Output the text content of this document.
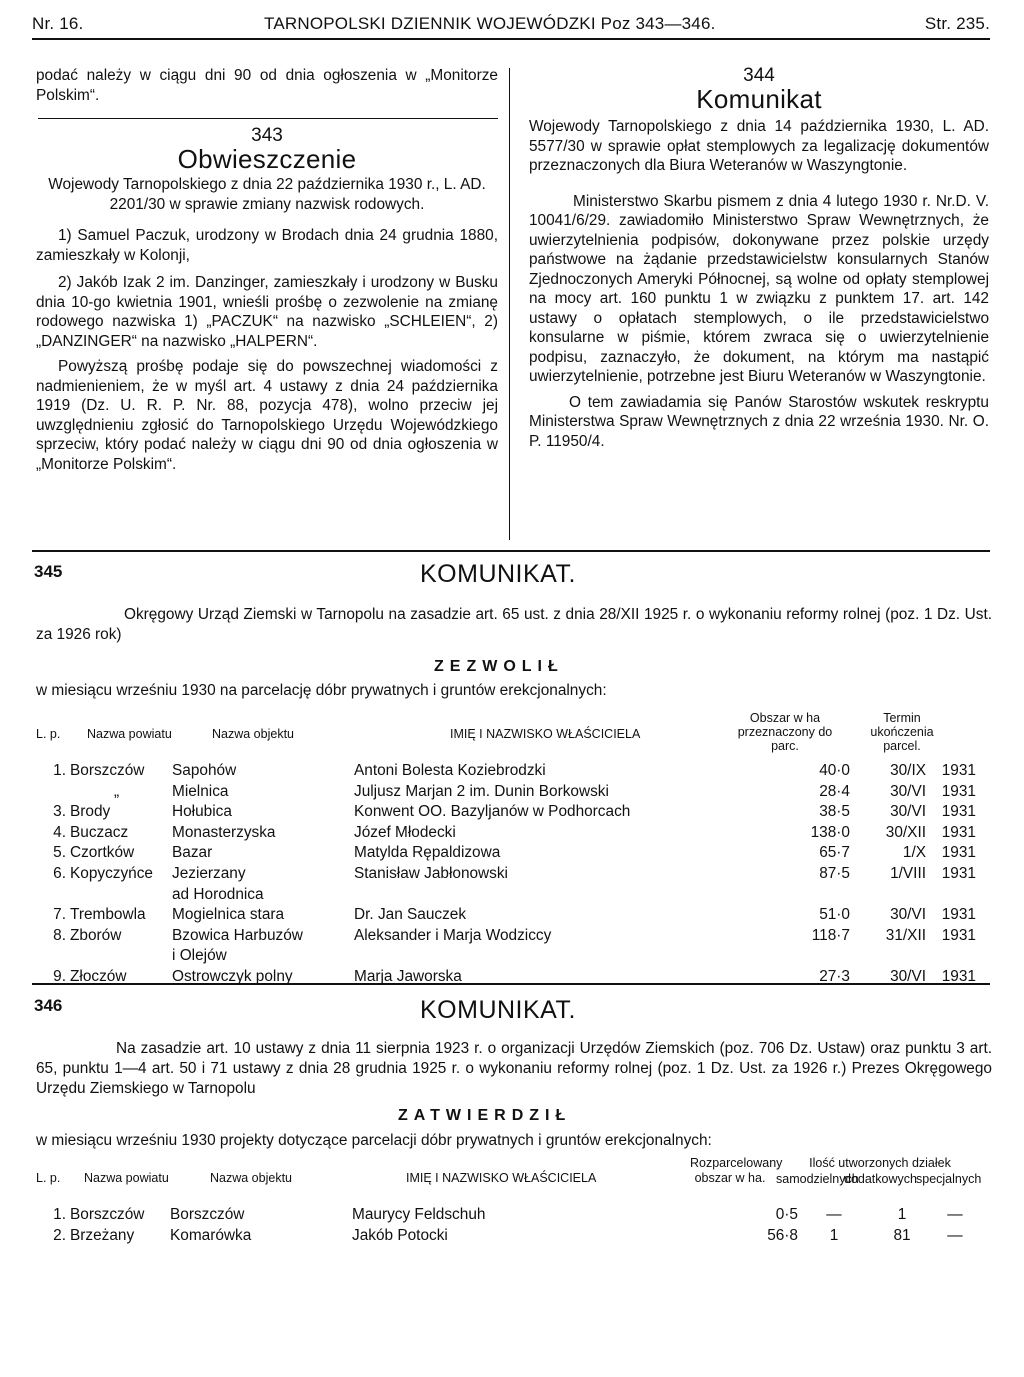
Nr. 16.	TARNOPOLSKI DZIENNIK WOJEWÓDZKI Poz 343—346.	Str. 235.

podać należy w ciągu dni 90 od dnia ogłoszenia w „Monitorze Polskim“.

343
Obwieszczenie

Wojewody Tarnopolskiego z dnia 22 października 1930 r., L. AD. 2201/30 w sprawie zmiany nazwisk rodowych.

1) Samuel Paczuk, urodzony w Brodach dnia 24 grudnia 1880, zamieszkały w Kolonji,

2) Jakób Izak 2 im. Danzinger, zamieszkały i urodzony w Busku dnia 10-go kwietnia 1901, wnieśli prośbę o zezwolenie na zmianę rodowego nazwiska 1) „PACZUK“ na nazwisko „SCHLEIEN“, 2) „DANZINGER“ na nazwisko „HALPERN“.

Powyższą prośbę podaje się do powszechnej wiadomości z nadmienieniem, że w myśl art. 4 ustawy z dnia 24 października 1919 (Dz. U. R. P. Nr. 88, pozycja 478), wolno przeciw jej uwzględnieniu zgłosić do Tarnopolskiego Urzędu Wojewódzkiego sprzeciw, który podać należy w ciągu dni 90 od dnia ogłoszenia w „Monitorze Polskim“.

344
Komunikat

Wojewody Tarnopolskiego z dnia 14 października 1930, L. AD. 5577/30 w sprawie opłat stemplowych za legalizację dokumentów przeznaczonych dla Biura Weteranów w Waszyngtonie.

Ministerstwo Skarbu pismem z dnia 4 lutego 1930 r. Nr.D. V. 10041/6/29. zawiadomiło Ministerstwo Spraw Wewnętrznych, że uwierzytelnienia podpisów, dokonywane przez polskie urzędy państwowe na żądanie przedstawicielstw konsularnych Stanów Zjednoczonych Ameryki Północnej, są wolne od opłaty stemplowej na mocy art. 160 punktu 1 w związku z punktem 17. art. 142 ustawy o opłatach stemplowych, o ile przedstawicielstwo konsularne w piśmie, którem zwraca się o uwierzytelnienie podpisu, zaznaczyło, że dokument, na którym ma nastąpić uwierzytelnienie, potrzebne jest Biuru Weteranów w Waszyngtonie.

O tem zawiadamia się Panów Starostów wskutek reskryptu Ministerstwa Spraw Wewnętrznych z dnia 22 września 1930. Nr. O. P. 11950/4.

345	KOMUNIKAT.
Okręgowy Urząd Ziemski w Tarnopolu na zasadzie art. 65 ust. z dnia 28/XII 1925 r. o wykonaniu reformy rolnej (poz. 1 Dz. Ust. za 1926 rok)
ZEZWOLIŁ
w miesiącu wrześniu 1930 na parcelację dóbr prywatnych i gruntów erekcjonalnych:
L. p. Nazwa powiatu	Nazwa objektu	IMIĘ I NAZWISKO WŁAŚCICIELA
Obszar w ha przeznaczony do parc.
Termin ukończenia parcel.
1.	Borszczów	Sapohów	Antoni Bolesta Koziebrodzki	40·0	30/IX	1931
	„	Mielnica	Juljusz Marjan 2 im. Dunin Borkowski	28·4	30/VI	1931
3.	Brody	Hołubica	Konwent OO. Bazyljanów w Podhorcach	38·5	30/VI	1931
4.	Buczacz	Monasterzyska	Józef Młodecki	138·0	30/XII	1931
5.	Czortków	Bazar	Matylda Rępaldizowa	65·7	1/X	1931
6.	Kopyczyńce	Jezierzany	Stanisław Jabłonowski	87·5	1/VIII	1931
		ad Horodnica				
7.	Trembowla	Mogielnica stara	Dr. Jan Sauczek	51·0	30/VI	1931
8.	Zborów	Bzowica Harbuzów	Aleksander i Marja Wodziccy	118·7	31/XII	1931
		i Olejów				
9.	Złoczów	Ostrowczyk polny	Marja Jaworska	27·3	30/VI	1931
346	KOMUNIKAT.
Na zasadzie art. 10 ustawy z dnia 11 sierpnia 1923 r. o organizacji Urzędów Ziemskich (poz. 706 Dz. Ustaw) oraz punktu 3 art. 65, punktu 1—4 art. 50 i 71 ustawy z dnia 28 grudnia 1925 r. o wykonaniu reformy rolnej (poz. 1 Dz. Ust. za 1926 r.) Prezes Okręgowego Urzędu Ziemskiego w Tarnopolu
ZATWIERDZIŁ
w miesiącu wrześniu 1930 projekty dotyczące parcelacji dóbr prywatnych i gruntów erekcjonalnych:
L. p. Nazwa powiatu	Nazwa objektu	IMIĘ I NAZWISKO WŁAŚCICIELA
Rozparcelowany obszar w ha.
Ilość utworzonych działek
samodzielnych
dodatkowych specjalnych
1.	Borszczów	Borszczów	Maurycy Feldschuh	0·5	—	1	—
2.	Brzeżany	Komarówka	Jakób Potocki	56·8	1	81	—
